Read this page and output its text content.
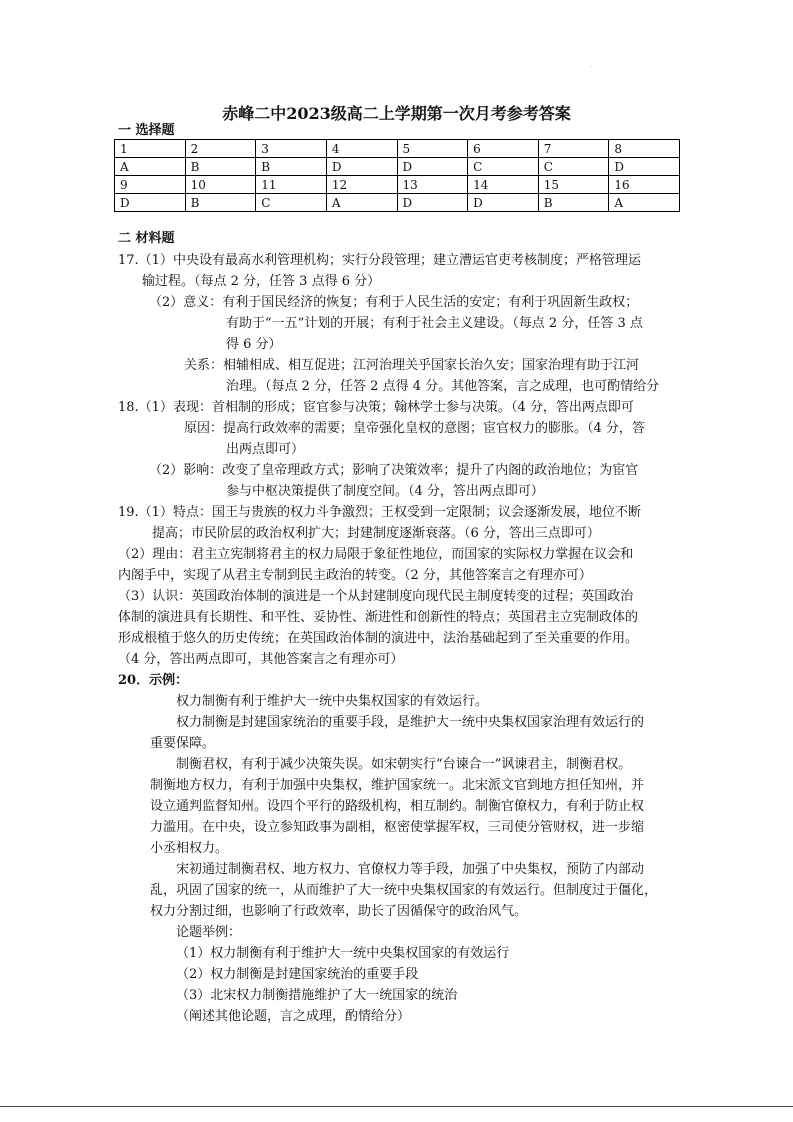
·
赤峰二中2023级高二上学期第一次月考参考答案
一 选择题
1	2	3	4	5	6	7	8
A	B	B	D	D	C	C	D
9	10	11	12	13	14	15	16
D	B	C	A	D	D	B	A
二 材料题
17.（1）中央设有最高水利管理机构；实行分段管理；建立漕运官吏考核制度；严格管理运
输过程。（每点 2 分，任答 3 点得 6 分）
（2）意义：有利于国民经济的恢复；有利于人民生活的安定；有利于巩固新生政权；
有助于“一五”计划的开展；有利于社会主义建设。（每点 2 分，任答 3 点
得 6 分）
关系：相辅相成、相互促进；江河治理关乎国家长治久安；国家治理有助于江河
治理。（每点 2 分，任答 2 点得 4 分。其他答案，言之成理，也可酌情给分
18.（1）表现：首相制的形成；宦官参与决策；翰林学士参与决策。（4 分，答出两点即可
原因：提高行政效率的需要；皇帝强化皇权的意图；宦官权力的膨胀。（4 分，答
出两点即可）
（2）影响：改变了皇帝理政方式；影响了决策效率；提升了内阁的政治地位；为宦官
参与中枢决策提供了制度空间。（4 分，答出两点即可）
19.（1）特点：国王与贵族的权力斗争激烈；王权受到一定限制；议会逐渐发展，地位不断
提高；市民阶层的政治权利扩大；封建制度逐渐衰落。（6 分，答出三点即可）
（2）理由：君主立宪制将君主的权力局限于象征性地位，而国家的实际权力掌握在议会和
内阁手中，实现了从君主专制到民主政治的转变。（2 分，其他答案言之有理亦可）
（3）认识：英国政治体制的演进是一个从封建制度向现代民主制度转变的过程；英国政治
体制的演进具有长期性、和平性、妥协性、渐进性和创新性的特点；英国君主立宪制政体的
形成根植于悠久的历史传统；在英国政治体制的演进中，法治基础起到了至关重要的作用。
（4 分，答出两点即可，其他答案言之有理亦可）
20．示例：
权力制衡有利于维护大一统中央集权国家的有效运行。
权力制衡是封建国家统治的重要手段，是维护大一统中央集权国家治理有效运行的
重要保障。
制衡君权，有利于减少决策失误。如宋朝实行“台谏合一”讽谏君主，制衡君权。
制衡地方权力，有利于加强中央集权，维护国家统一。北宋派文官到地方担任知州，并
设立通判监督知州。设四个平行的路级机构，相互制约。制衡官僚权力，有利于防止权
力滥用。在中央，设立参知政事为副相，枢密使掌握军权，三司使分管财权，进一步缩
小丞相权力。
宋初通过制衡君权、地方权力、官僚权力等手段，加强了中央集权，预防了内部动
乱，巩固了国家的统一，从而维护了大一统中央集权国家的有效运行。但制度过于僵化，
权力分割过细，也影响了行政效率，助长了因循保守的政治风气。
论题举例：
（1）权力制衡有利于维护大一统中央集权国家的有效运行
（2）权力制衡是封建国家统治的重要手段
（3）北宋权力制衡措施维护了大一统国家的统治
（阐述其他论题，言之成理，酌情给分）
